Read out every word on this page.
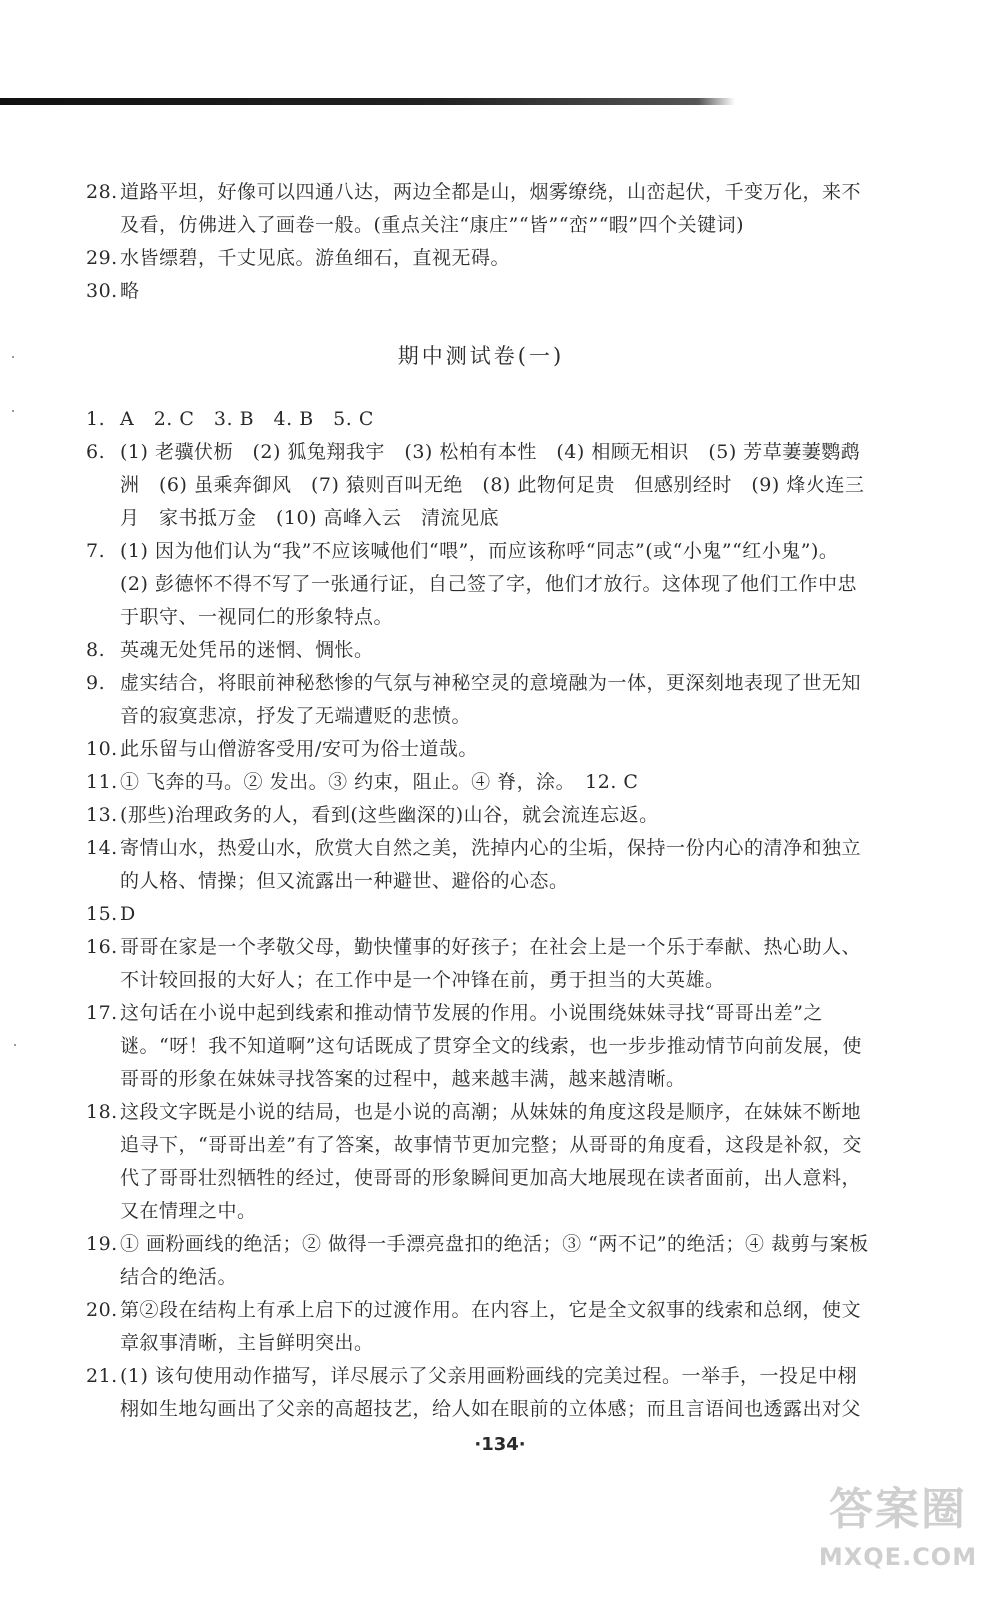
28. 道路平坦，好像可以四通八达，两边全都是山，烟雾缭绕，山峦起伏，千变万化，来不及看，仿佛进入了画卷一般。(重点关注“康庄”“皆”“峦”“暇”四个关键词)
29. 水皆缥碧，千丈见底。游鱼细石，直视无碍。
30. 略
期中测试卷(一)
1. A　2. C　3. B　4. B　5. C
6. (1) 老骥伏枥　(2) 狐兔翔我宇　(3) 松柏有本性　(4) 相顾无相识　(5) 芳草萋萋鹦鹉洲　(6) 虽乘奔御风　(7) 猿则百叫无绝　(8) 此物何足贵　但感别经时　(9) 烽火连三月　家书抵万金　(10) 高峰入云　清流见底
7. (1) 因为他们认为“我”不应该喊他们“喂”，而应该称呼“同志”(或“小鬼”“红小鬼”)。
(2) 彭德怀不得不写了一张通行证，自己签了字，他们才放行。这体现了他们工作中忠于职守、一视同仁的形象特点。
8. 英魂无处凭吊的迷惘、惆怅。
9. 虚实结合，将眼前神秘愁惨的气氛与神秘空灵的意境融为一体，更深刻地表现了世无知音的寂寞悲凉，抒发了无端遭贬的悲愤。
10. 此乐留与山僧游客受用/安可为俗士道哉。
11. ① 飞奔的马。② 发出。③ 约束，阻止。④ 脊，涂。　12. C
13. (那些)治理政务的人，看到(这些幽深的)山谷，就会流连忘返。
14. 寄情山水，热爱山水，欣赏大自然之美，洗掉内心的尘垢，保持一份内心的清净和独立的人格、情操；但又流露出一种避世、避俗的心态。
15. D
16. 哥哥在家是一个孝敬父母，勤快懂事的好孩子；在社会上是一个乐于奉献、热心助人、不计较回报的大好人；在工作中是一个冲锋在前，勇于担当的大英雄。
17. 这句话在小说中起到线索和推动情节发展的作用。小说围绕妹妹寻找“哥哥出差”之谜。“呀！我不知道啊”这句话既成了贯穿全文的线索，也一步步推动情节向前发展，使哥哥的形象在妹妹寻找答案的过程中，越来越丰满，越来越清晰。
18. 这段文字既是小说的结局，也是小说的高潮；从妹妹的角度这段是顺序，在妹妹不断地追寻下，“哥哥出差”有了答案，故事情节更加完整；从哥哥的角度看，这段是补叙，交代了哥哥壮烈牺牲的经过，使哥哥的形象瞬间更加高大地展现在读者面前，出人意料，又在情理之中。
19. ① 画粉画线的绝活；② 做得一手漂亮盘扣的绝活；③ “两不记”的绝活；④ 裁剪与案板结合的绝活。
20. 第②段在结构上有承上启下的过渡作用。在内容上，它是全文叙事的线索和总纲，使文章叙事清晰，主旨鲜明突出。
21. (1) 该句使用动作描写，详尽展示了父亲用画粉画线的完美过程。一举手，一投足中栩栩如生地勾画出了父亲的高超技艺，给人如在眼前的立体感；而且言语间也透露出对父
·134·
答案圈
MXQE.COM
